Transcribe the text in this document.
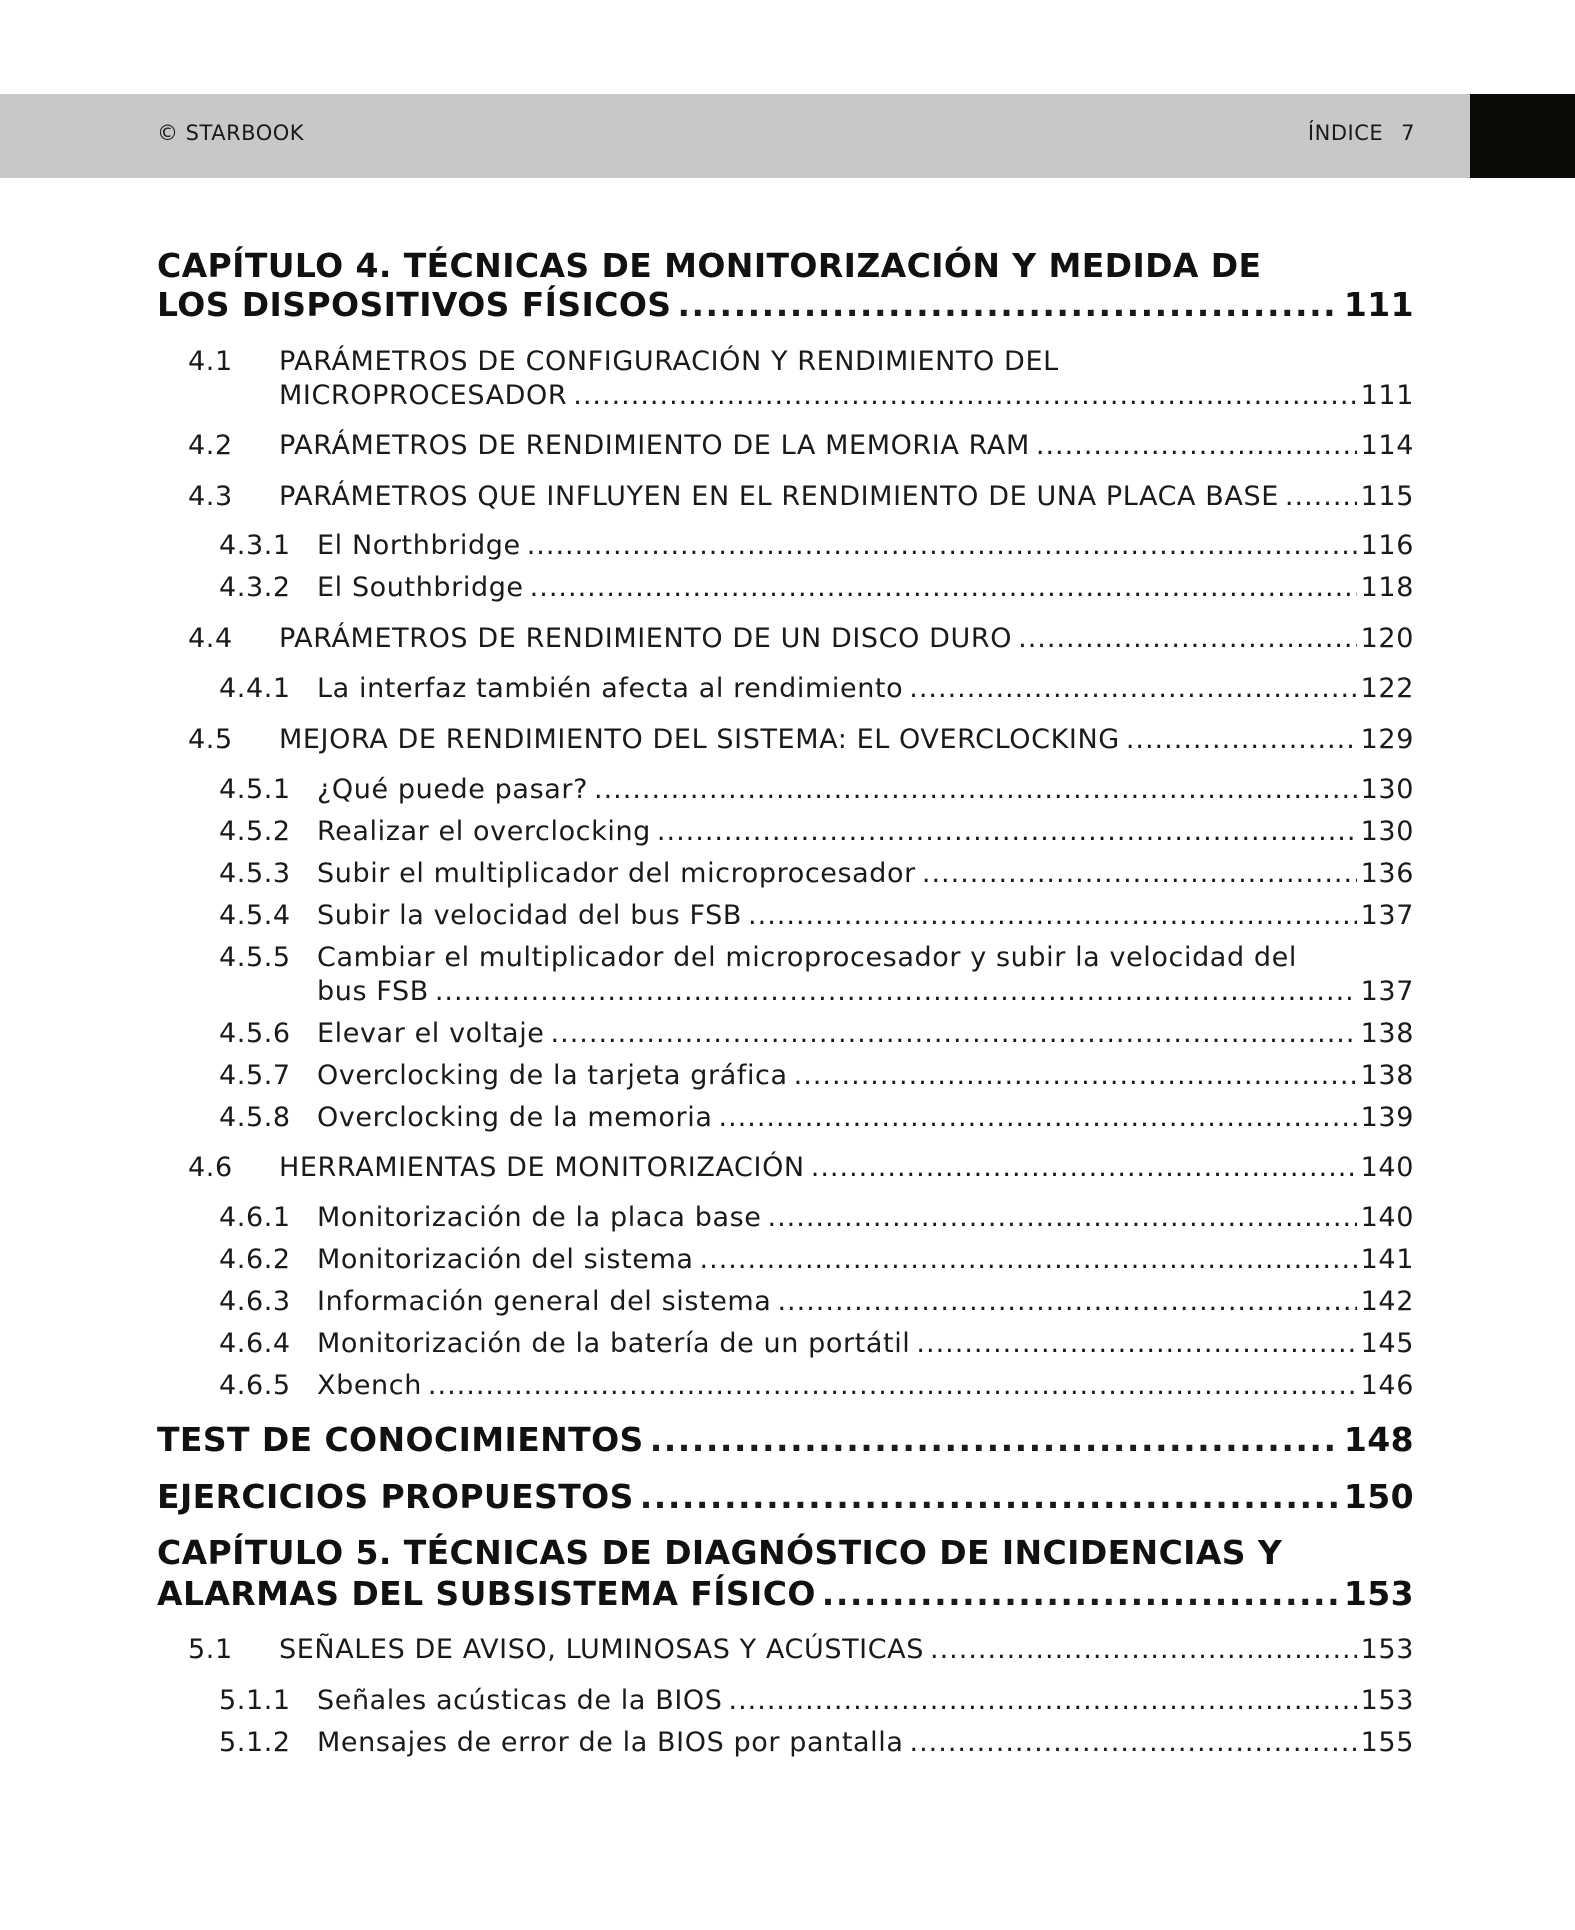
© STARBOOK	ÍNDICE 7
CAPÍTULO 4. TÉCNICAS DE MONITORIZACIÓN Y MEDIDA DE
LOS DISPOSITIVOS FÍSICOS .....	111
4.1 PARÁMETROS DE CONFIGURACIÓN Y RENDIMIENTO DEL
MICROPROCESADOR .....	111
4.2 PARÁMETROS DE RENDIMIENTO DE LA MEMORIA RAM .....	114
4.3 PARÁMETROS QUE INFLUYEN EN EL RENDIMIENTO DE UNA PLACA BASE .....	115
4.3.1 El Northbridge .....	116
4.3.2 El Southbridge .....	118
4.4 PARÁMETROS DE RENDIMIENTO DE UN DISCO DURO .....	120
4.4.1 La interfaz también afecta al rendimiento .....	122
4.5 MEJORA DE RENDIMIENTO DEL SISTEMA: EL OVERCLOCKING .....	129
4.5.1 ¿Qué puede pasar? .....	130
4.5.2 Realizar el overclocking .....	130
4.5.3 Subir el multiplicador del microprocesador .....	136
4.5.4 Subir la velocidad del bus FSB .....	137
4.5.5 Cambiar el multiplicador del microprocesador y subir la velocidad del
bus FSB .....	137
4.5.6 Elevar el voltaje .....	138
4.5.7 Overclocking de la tarjeta gráfica .....	138
4.5.8 Overclocking de la memoria .....	139
4.6 HERRAMIENTAS DE MONITORIZACIÓN .....	140
4.6.1 Monitorización de la placa base .....	140
4.6.2 Monitorización del sistema .....	141
4.6.3 Información general del sistema .....	142
4.6.4 Monitorización de la batería de un portátil .....	145
4.6.5 Xbench .....	146
TEST DE CONOCIMIENTOS .....	148
EJERCICIOS PROPUESTOS .....	150
CAPÍTULO 5. TÉCNICAS DE DIAGNÓSTICO DE INCIDENCIAS Y
ALARMAS DEL SUBSISTEMA FÍSICO .....	153
5.1 SEÑALES DE AVISO, LUMINOSAS Y ACÚSTICAS .....	153
5.1.1 Señales acústicas de la BIOS .....	153
5.1.2 Mensajes de error de la BIOS por pantalla .....	155
